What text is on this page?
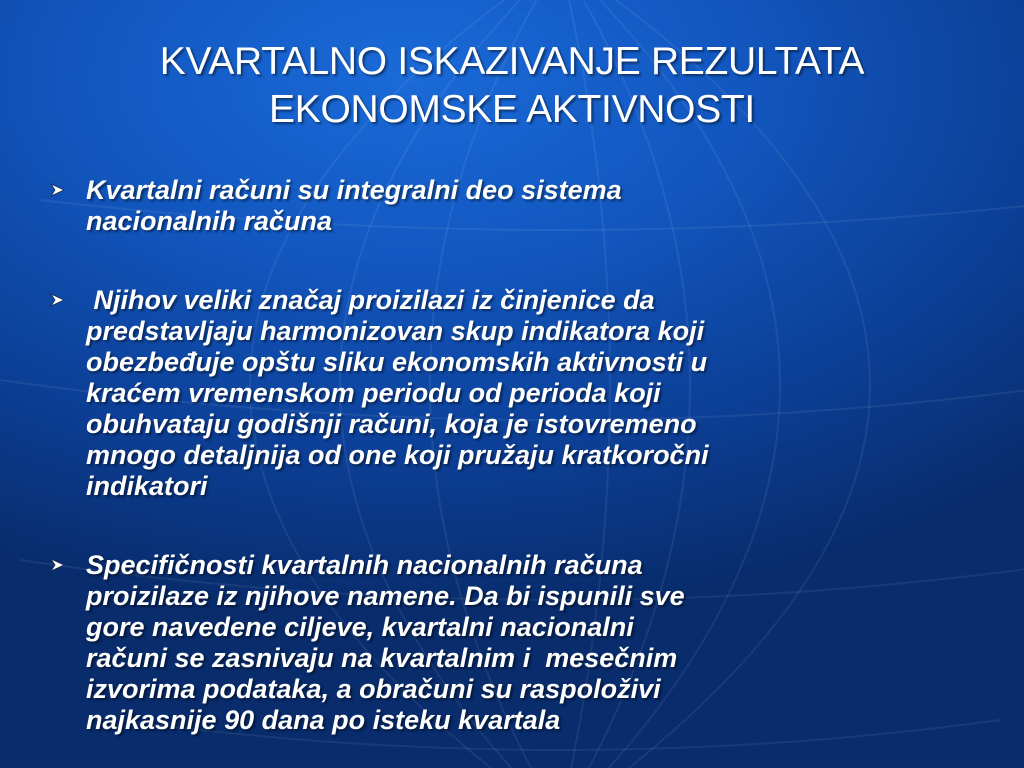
KVARTALNO ISKAZIVANJE REZULTATA
EKONOMSKE AKTIVNOSTI
Kvartalni računi su integralni deo sistema
nacionalnih računa
Njihov veliki značaj proizilazi iz činjenice da
predstavljaju harmonizovan skup indikatora koji
obezbeđuje opštu sliku ekonomskih aktivnosti u
kraćem vremenskom periodu od perioda koji
obuhvataju godišnji računi, koja je istovremeno
mnogo detaljnija od one koji pružaju kratkoročni
indikatori
Specifičnosti kvartalnih nacionalnih računa
proizilaze iz njihove namene. Da bi ispunili sve
gore navedene ciljeve, kvartalni nacionalni
računi se zasnivaju na kvartalnim i  mesečnim
izvorima podataka, a obračuni su raspoloživi
najkasnije 90 dana po isteku kvartala
